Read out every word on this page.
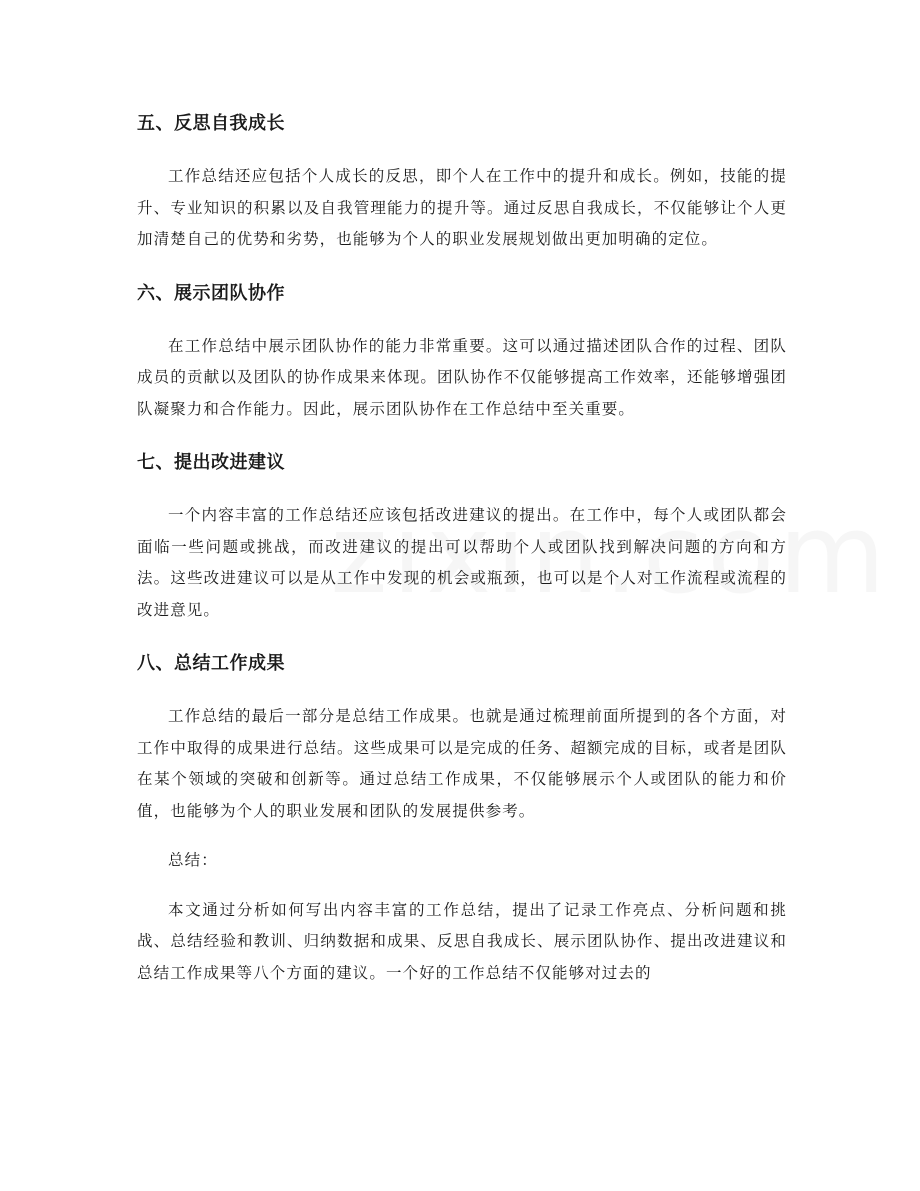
五、反思自我成长

工作总结还应包括个人成长的反思，即个人在工作中的提升和成长。例如，技能的提升、专业知识的积累以及自我管理能力的提升等。通过反思自我成长，不仅能够让个人更加清楚自己的优势和劣势，也能够为个人的职业发展规划做出更加明确的定位。

六、展示团队协作

在工作总结中展示团队协作的能力非常重要。这可以通过描述团队合作的过程、团队成员的贡献以及团队的协作成果来体现。团队协作不仅能够提高工作效率，还能够增强团队凝聚力和合作能力。因此，展示团队协作在工作总结中至关重要。

七、提出改进建议

一个内容丰富的工作总结还应该包括改进建议的提出。在工作中，每个人或团队都会面临一些问题或挑战，而改进建议的提出可以帮助个人或团队找到解决问题的方向和方法。这些改进建议可以是从工作中发现的机会或瓶颈，也可以是个人对工作流程或流程的改进意见。

八、总结工作成果

工作总结的最后一部分是总结工作成果。也就是通过梳理前面所提到的各个方面，对工作中取得的成果进行总结。这些成果可以是完成的任务、超额完成的目标，或者是团队在某个领域的突破和创新等。通过总结工作成果，不仅能够展示个人或团队的能力和价值，也能够为个人的职业发展和团队的发展提供参考。

总结：

本文通过分析如何写出内容丰富的工作总结，提出了记录工作亮点、分析问题和挑战、总结经验和教训、归纳数据和成果、反思自我成长、展示团队协作、提出改进建议和总结工作成果等八个方面的建议。一个好的工作总结不仅能够对过去的
